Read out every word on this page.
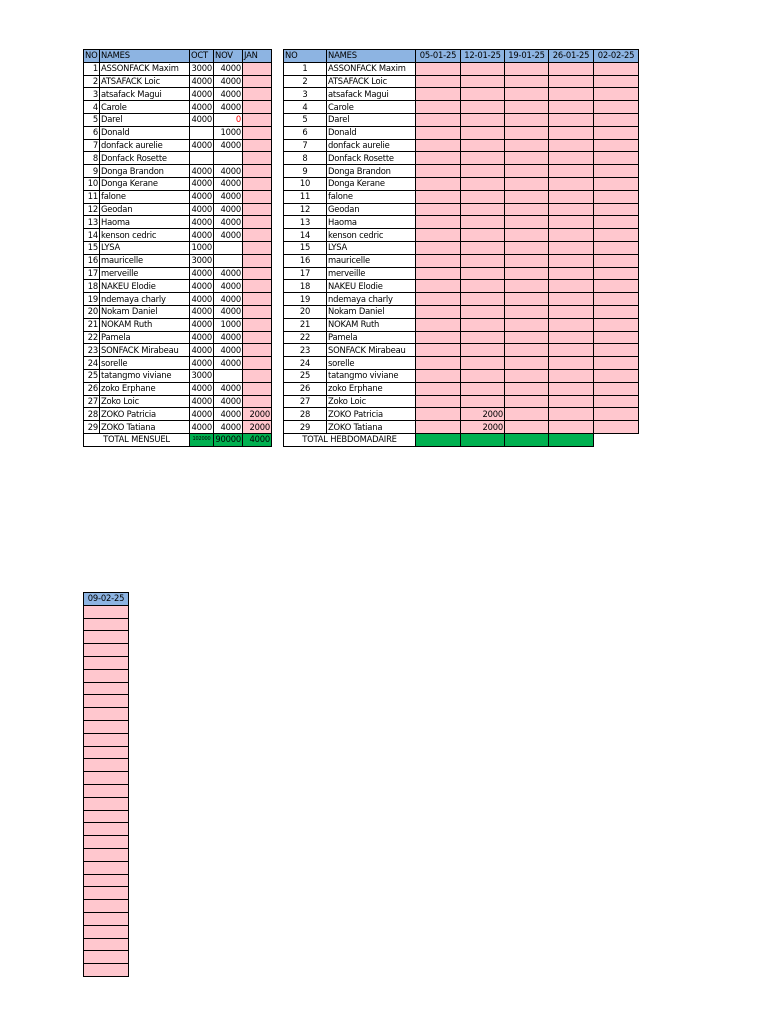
NO	NAMES	OCT	NOV	JAN
1	ASSONFACK Maxim	3000	4000	
2	ATSAFACK Loic	4000	4000	
3	atsafack Magui	4000	4000	
4	Carole	4000	4000	
5	Darel	4000	0	
6	Donald		1000	
7	donfack aurelie	4000	4000	
8	Donfack Rosette			
9	Donga Brandon	4000	4000	
10	Donga Kerane	4000	4000	
11	falone	4000	4000	
12	Geodan	4000	4000	
13	Haoma	4000	4000	
14	kenson cedric	4000	4000	
15	LYSA	1000		
16	mauricelle	3000		
17	merveille	4000	4000	
18	NAKEU Elodie	4000	4000	
19	ndemaya charly	4000	4000	
20	Nokam Daniel	4000	4000	
21	NOKAM Ruth	4000	1000	
22	Pamela	4000	4000	
23	SONFACK Mirabeau	4000	4000	
24	sorelle	4000	4000	
25	tatangmo viviane	3000		
26	zoko Erphane	4000	4000	
27	Zoko Loic	4000	4000	
28	ZOKO Patricia	4000	4000	2000
29	ZOKO Tatiana	4000	4000	2000
TOTAL MENSUEL		102000	90000	4000
NO	NAMES	05-01-25	12-01-25	19-01-25	26-01-25	02-02-25
1	ASSONFACK Maxim					
2	ATSAFACK Loic					
3	atsafack Magui					
4	Carole					
5	Darel					
6	Donald					
7	donfack aurelie					
8	Donfack Rosette					
9	Donga Brandon					
10	Donga Kerane					
11	falone					
12	Geodan					
13	Haoma					
14	kenson cedric					
15	LYSA					
16	mauricelle					
17	merveille					
18	NAKEU Elodie					
19	ndemaya charly					
20	Nokam Daniel					
21	NOKAM Ruth					
22	Pamela					
23	SONFACK Mirabeau					
24	sorelle					
25	tatangmo viviane					
26	zoko Erphane					
27	Zoko Loic					
28	ZOKO Patricia		2000			
29	ZOKO Tatiana		2000			
TOTAL HEBDOMADAIRE						
09-02-25
